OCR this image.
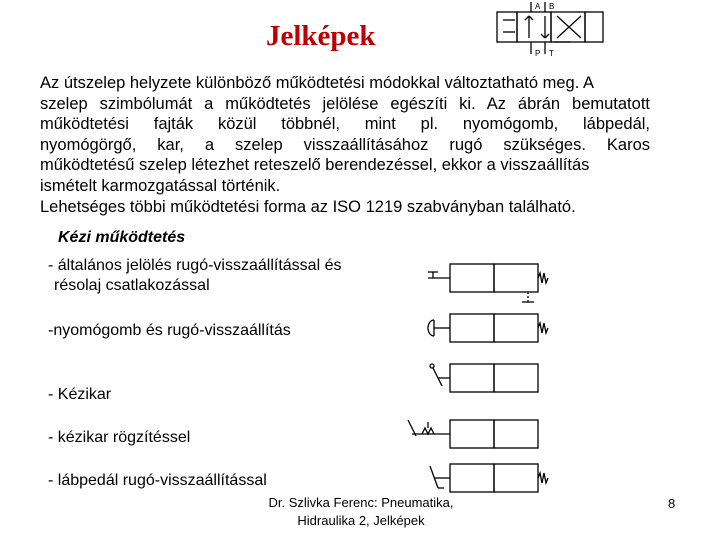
Jelképek
A B
P T
Az útszelep helyzete különböző működtetési módokkal változtatható meg. A
szelep szimbólumát a működtetés jelölése egészíti ki. Az ábrán bemutatott
működtetési fajták közül többnél, mint pl. nyomógomb, lábpedál,
nyomógörgő, kar, a szelep visszaállításához rugó szükséges. Karos
működtetésű szelep létezhet reteszelő berendezéssel, ekkor a visszaállítás
ismételt karmozgatással történik.
Lehetséges többi működtetési forma az ISO 1219 szabványban található.
Kézi működtetés
- általános jelölés rugó-visszaállítással és
résolaj csatlakozással
-nyomógomb és rugó-visszaállítás
- Kézikar
- kézikar rögzítéssel
- lábpedál rugó-visszaállítással
Dr. Szlivka Ferenc: Pneumatika,
Hidraulika 2, Jelképek
8
